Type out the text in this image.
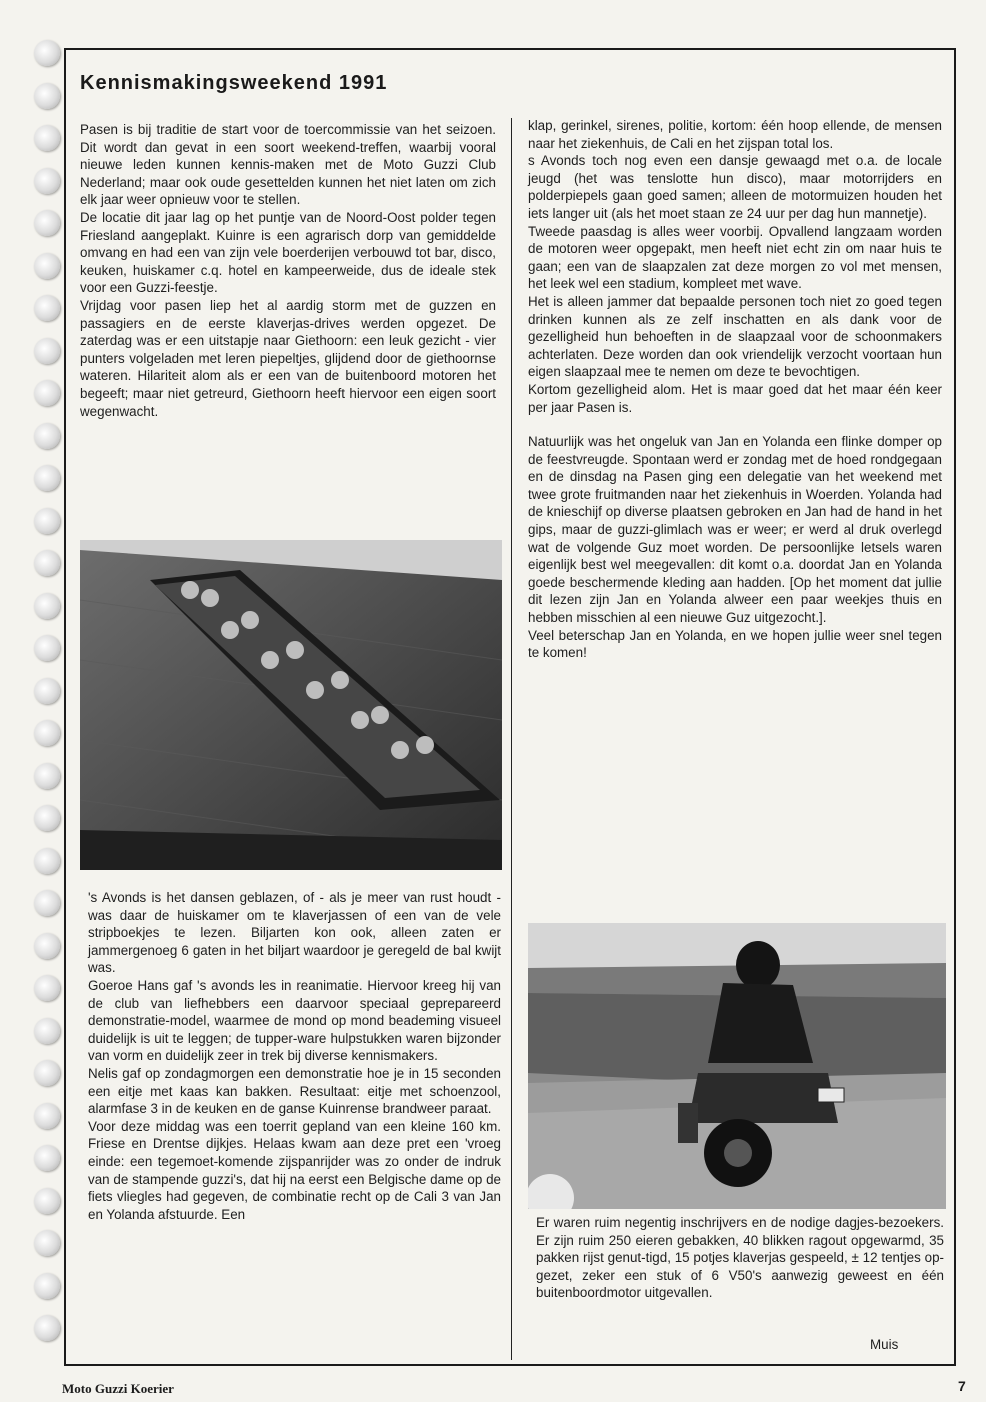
Kennismakingsweekend 1991

Pasen is bij traditie de start voor de toercommissie van het seizoen. Dit wordt dan gevat in een soort weekend-treffen, waarbij vooral nieuwe leden kunnen kennis-maken met de Moto Guzzi Club Nederland; maar ook oude gesettelden kunnen het niet laten om zich elk jaar weer opnieuw voor te stellen.

De locatie dit jaar lag op het puntje van de Noord-Oost polder tegen Friesland aangeplakt. Kuinre is een agrarisch dorp van gemiddelde omvang en had een van zijn vele boerderijen verbouwd tot bar, disco, keuken, huiskamer c.q. hotel en kampeerweide, dus de ideale stek voor een Guzzi-feestje.

Vrijdag voor pasen liep het al aardig storm met de guzzen en passagiers en de eerste klaverjas-drives werden opgezet. De zaterdag was er een uitstapje naar Giethoorn: een leuk gezicht - vier punters volgeladen met leren piepeltjes, glijdend door de giethoornse wateren. Hilariteit alom als er een van de buitenboord motoren het begeeft; maar niet getreurd, Giethoorn heeft hiervoor een eigen soort wegenwacht.

's Avonds is het dansen geblazen, of - als je meer van rust houdt - was daar de huiskamer om te klaverjassen of een van de vele stripboekjes te lezen. Biljarten kon ook, alleen zaten er jammergenoeg 6 gaten in het biljart waardoor je geregeld de bal kwijt was.

Goeroe Hans gaf 's avonds les in reanimatie. Hiervoor kreeg hij van de club van liefhebbers een daarvoor speciaal geprepareerd demonstratie-model, waarmee de mond op mond beademing visueel duidelijk is uit te leggen; de tupper-ware hulpstukken waren bijzonder van vorm en duidelijk zeer in trek bij diverse kennismakers.

Nelis gaf op zondagmorgen een demonstratie hoe je in 15 seconden een eitje met kaas kan bakken. Resultaat: eitje met schoenzool, alarmfase 3 in de keuken en de ganse Kuinrense brandweer paraat.

Voor deze middag was een toerrit gepland van een kleine 160 km. Friese en Drentse dijkjes. Helaas kwam aan deze pret een 'vroeg einde: een tegemoet-komende zijspanrijder was zo onder de indruk van de stampende guzzi's, dat hij na eerst een Belgische dame op de fiets vliegles had gegeven, de combinatie recht op de Cali 3 van Jan en Yolanda afstuurde. Een

klap, gerinkel, sirenes, politie, kortom: één hoop ellende, de mensen naar het ziekenhuis, de Cali en het zijspan total los.

s Avonds toch nog even een dansje gewaagd met o.a. de locale jeugd (het was tenslotte hun disco), maar motorrijders en polderpiepels gaan goed samen; alleen de motormuizen houden het iets langer uit (als het moet staan ze 24 uur per dag hun mannetje).

Tweede paasdag is alles weer voorbij. Opvallend langzaam worden de motoren weer opgepakt, men heeft niet echt zin om naar huis te gaan; een van de slaapzalen zat deze morgen zo vol met mensen, het leek wel een stadium, kompleet met wave.

Het is alleen jammer dat bepaalde personen toch niet zo goed tegen drinken kunnen als ze zelf inschatten en als dank voor de gezelligheid hun behoeften in de slaapzaal voor de schoonmakers achterlaten. Deze worden dan ook vriendelijk verzocht voortaan hun eigen slaapzaal mee te nemen om deze te bevochtigen.

Kortom gezelligheid alom. Het is maar goed dat het maar één keer per jaar Pasen is.

Natuurlijk was het ongeluk van Jan en Yolanda een flinke domper op de feestvreugde. Spontaan werd er zondag met de hoed rondgegaan en de dinsdag na Pasen ging een delegatie van het weekend met twee grote fruitmanden naar het ziekenhuis in Woerden. Yolanda had de knieschijf op diverse plaatsen gebroken en Jan had de hand in het gips, maar de guzzi-glimlach was er weer; er werd al druk overlegd wat de volgende Guz moet worden. De persoonlijke letsels waren eigenlijk best wel meegevallen: dit komt o.a. doordat Jan en Yolanda goede beschermende kleding aan hadden. [Op het moment dat jullie dit lezen zijn Jan en Yolanda alweer een paar weekjes thuis en hebben misschien al een nieuwe Guz uitgezocht.].

Veel beterschap Jan en Yolanda, en we hopen jullie weer snel tegen te komen!

Er waren ruim negentig inschrijvers en de nodige dagjes-bezoekers. Er zijn ruim 250 eieren gebakken, 40 blikken ragout opgewarmd, 35 pakken rijst genut-tigd, 15 potjes klaverjas gespeeld, ± 12 tentjes op-gezet, zeker een stuk of 6 V50's aanwezig geweest en één buitenboordmotor uitgevallen.

Muis

Moto Guzzi Koerier	7
